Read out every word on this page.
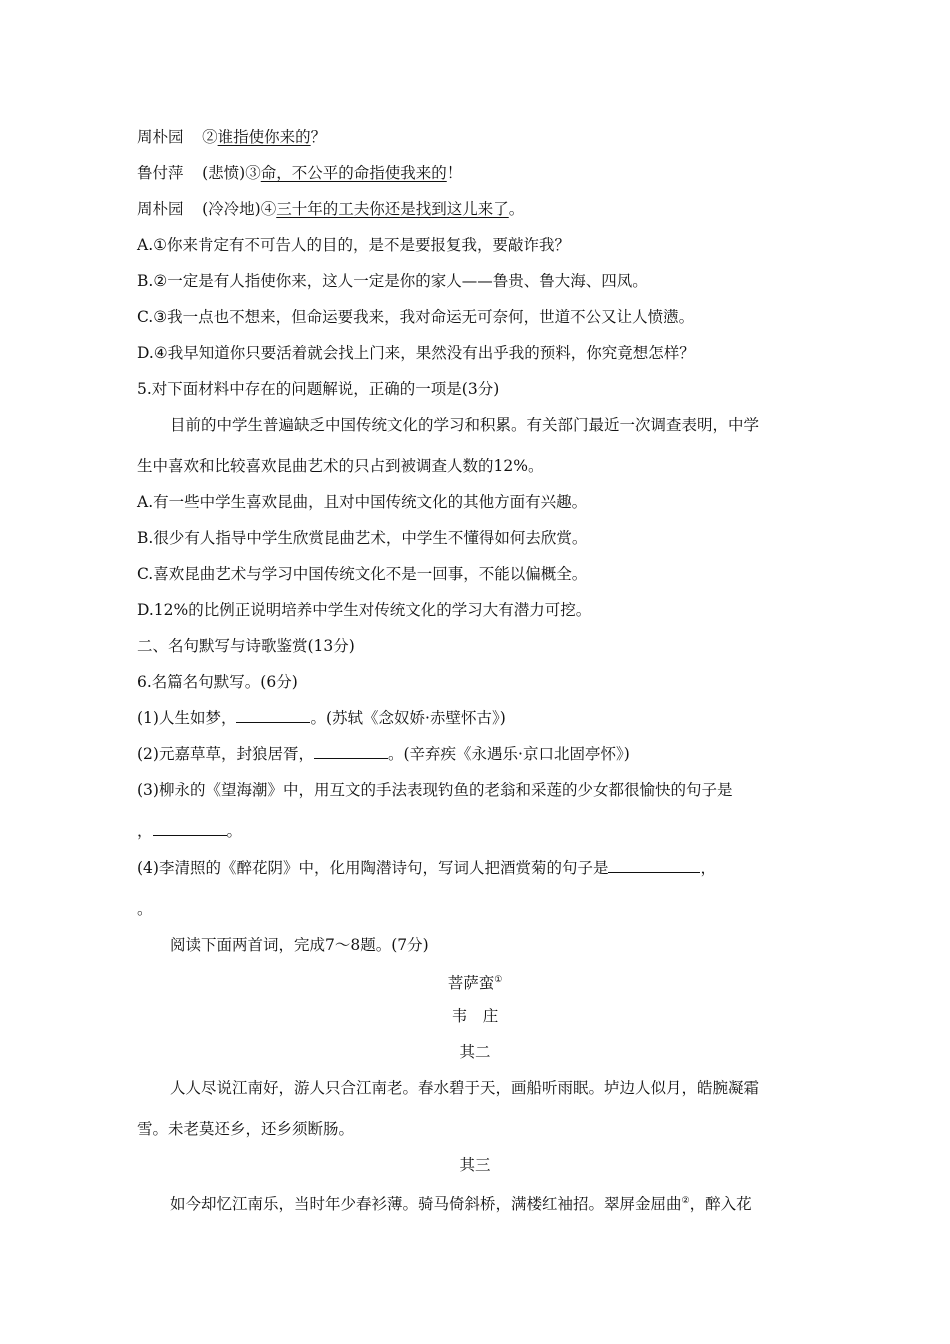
周朴园 ②谁指使你来的？
鲁付萍 (悲愤)③命，不公平的命指使我来的！
周朴园 (冷冷地)④三十年的工夫你还是找到这儿来了。
A.①你来肯定有不可告人的目的，是不是要报复我，要敲诈我？
B.②一定是有人指使你来，这人一定是你的家人——鲁贵、鲁大海、四凤。
C.③我一点也不想来，但命运要我来，我对命运无可奈何，世道不公又让人愤懑。
D.④我早知道你只要活着就会找上门来，果然没有出乎我的预料，你究竟想怎样？
5.对下面材料中存在的问题解说，正确的一项是(3分)
目前的中学生普遍缺乏中国传统文化的学习和积累。有关部门最近一次调查表明，中学
生中喜欢和比较喜欢昆曲艺术的只占到被调查人数的12%。
A.有一些中学生喜欢昆曲，且对中国传统文化的其他方面有兴趣。
B.很少有人指导中学生欣赏昆曲艺术，中学生不懂得如何去欣赏。
C.喜欢昆曲艺术与学习中国传统文化不是一回事，不能以偏概全。
D.12%的比例正说明培养中学生对传统文化的学习大有潜力可挖。
二、名句默写与诗歌鉴赏(13分)
6.名篇名句默写。(6分)
(1)人生如梦，	。(苏轼《念奴娇·赤壁怀古》)
(2)元嘉草草，封狼居胥，	。(辛弃疾《永遇乐·京口北固亭怀》)
(3)柳永的《望海潮》中，用互文的手法表现钓鱼的老翁和采莲的少女都很愉快的句子是
，	。
(4)李清照的《醉花阴》中，化用陶潜诗句，写词人把酒赏菊的句子是	，
。
阅读下面两首词，完成7～8题。(7分)
菩萨蛮①
韦　庄
其二
人人尽说江南好，游人只合江南老。春水碧于天，画船听雨眠。垆边人似月，皓腕凝霜
雪。未老莫还乡，还乡须断肠。
其三
如今却忆江南乐，当时年少春衫薄。骑马倚斜桥，满楼红袖招。翠屏金屈曲②，醉入花
